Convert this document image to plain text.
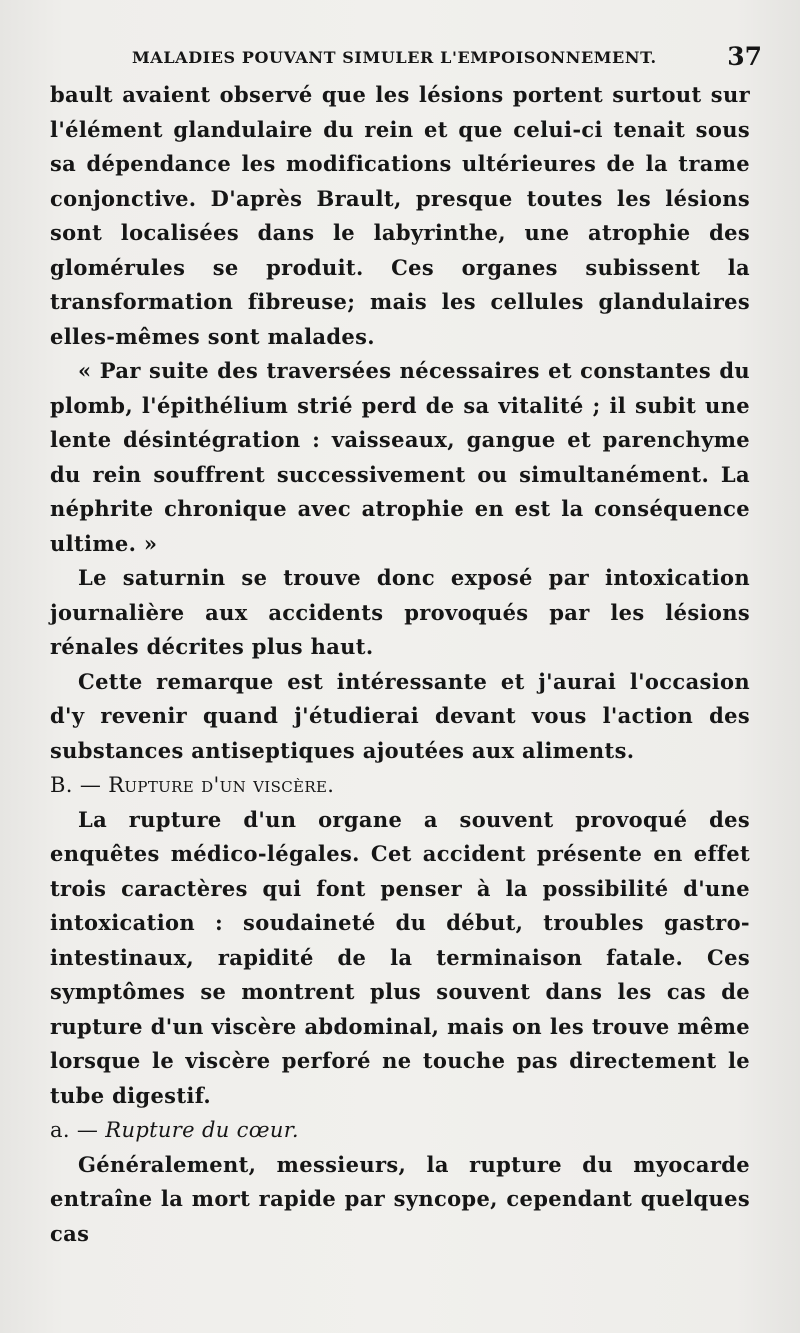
MALADIES POUVANT SIMULER L'EMPOISONNEMENT.	37

bault avaient observé que les lésions portent surtout sur l'élément glandulaire du rein et que celui-ci tenait sous sa dépendance les modifications ultérieures de la trame conjonctive. D'après Brault, presque toutes les lésions sont localisées dans le labyrinthe, une atrophie des glomérules se produit. Ces organes subissent la transformation fibreuse; mais les cellules glandulaires elles-mêmes sont malades.

« Par suite des traversées nécessaires et constantes du plomb, l'épithélium strié perd de sa vitalité ; il subit une lente désintégration : vaisseaux, gangue et parenchyme du rein souffrent successivement ou simultanément. La néphrite chronique avec atrophie en est la conséquence ultime. »

Le saturnin se trouve donc exposé par intoxication journalière aux accidents provoqués par les lésions rénales décrites plus haut.

Cette remarque est intéressante et j'aurai l'occasion d'y revenir quand j'étudierai devant vous l'action des substances antiseptiques ajoutées aux aliments.

B. — Rupture d'un viscère.

La rupture d'un organe a souvent provoqué des enquêtes médico-légales. Cet accident présente en effet trois caractères qui font penser à la possibilité d'une intoxication : soudaineté du début, troubles gastro-intestinaux, rapidité de la terminaison fatale. Ces symptômes se montrent plus souvent dans les cas de rupture d'un viscère abdominal, mais on les trouve même lorsque le viscère perforé ne touche pas directement le tube digestif.

a. — Rupture du cœur.

Généralement, messieurs, la rupture du myocarde entraîne la mort rapide par syncope, cependant quelques cas
